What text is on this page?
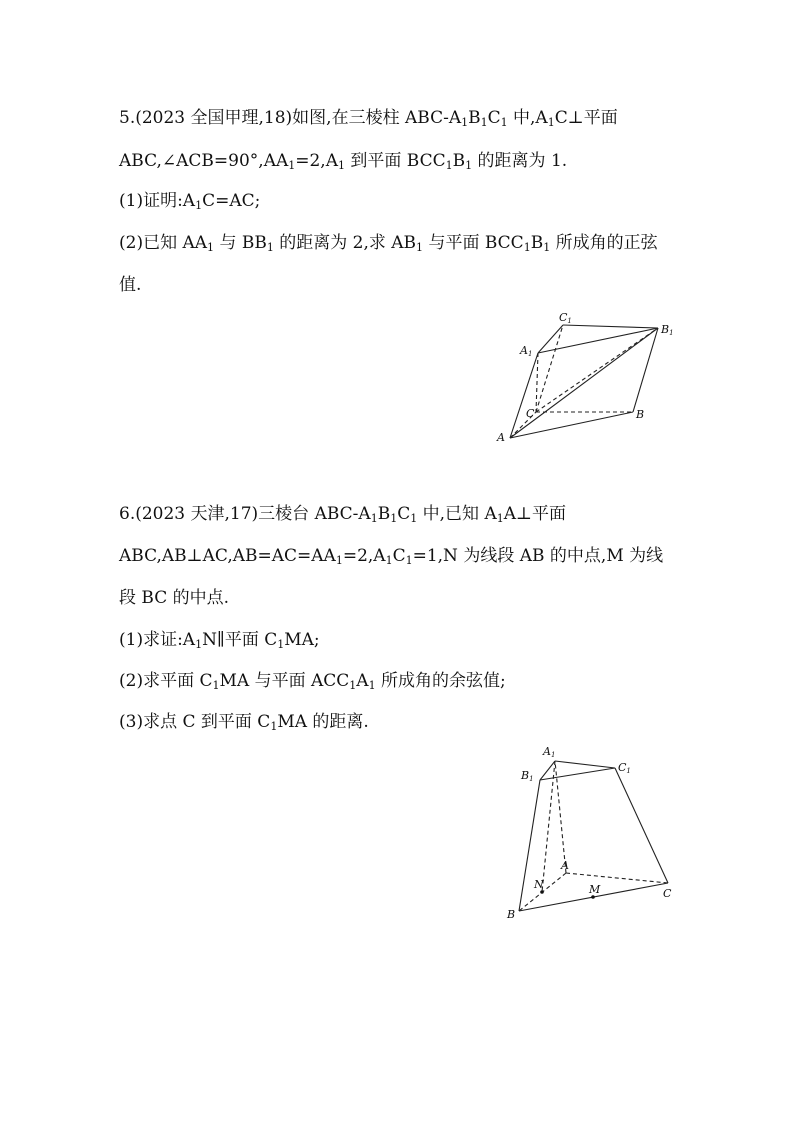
5.(2023 全国甲理,18)如图,在三棱柱 ABC-$A_1B_1C_1$ 中$,A_1C\perp$平面

$ABC,\angle ACB=90^\circ,AA_1=2,A_1$ 到平面 $BCC_1B_1$ 的距离为 1.

(1)证明$:A_1C=AC$;

(2)已知 $AA_1$ 与 $BB_1$ 的距离为 2,求 $AB_1$ 与平面 $BCC_1B_1$ 所成角的正弦

值.

C1
B1
A1
C	B
A

6.(2023 天津,17)三棱台 ABC-$A_1B_1C_1$ 中,已知 $A_1A\perp$平面

$ABC,AB\perp AC,AB=AC=AA_1=2,A_1C_1=1,N$ 为线段 AB 的中点,M 为线

段 BC 的中点.

(1)求证$:A_1N\parallel$平面 $C_1MA$;

(2)求平面 $C_1MA$ 与平面 $ACC_1A_1$ 所成角的余弦值;

(3)求点 C 到平面 $C_1MA$ 的距离.

A1
B1
C1
A
N	M	C
B
